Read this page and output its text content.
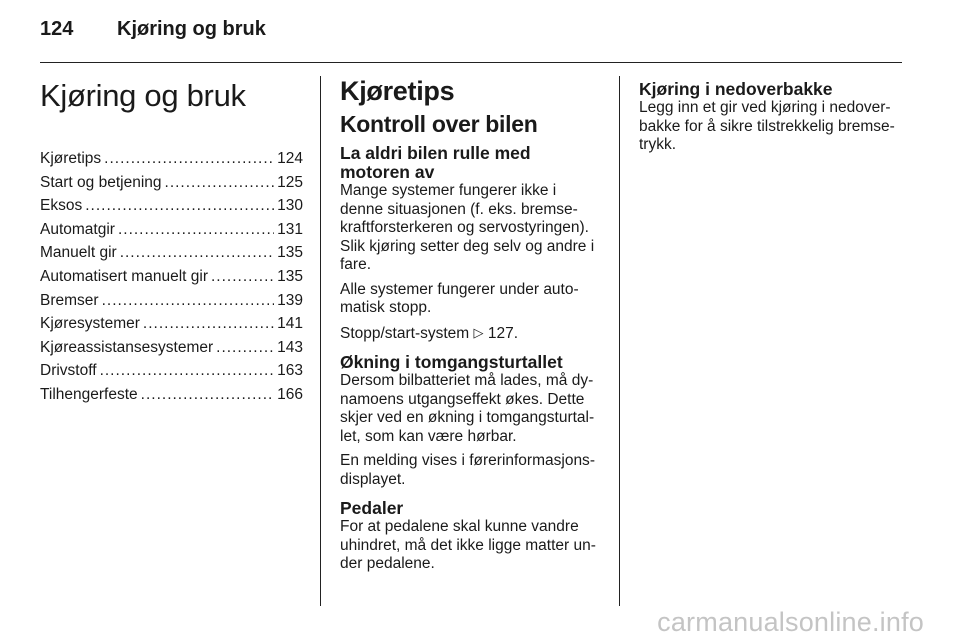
124 Kjøring og bruk
Kjøring og bruk
Kjøretips .....	124
Start og betjening .....	125
Eksos .....	130
Automatgir .....	131
Manuelt gir .....	135
Automatisert manuelt gir .....	135
Bremser .....	139
Kjøresystemer .....	141
Kjøreassistansesystemer .....	143
Drivstoff .....	163
Tilhengerfeste .....	166
Kjøretips
Kontroll over bilen
La aldri bilen rulle med motoren av

Mange systemer fungerer ikke i denne situasjonen (f. eks. bremsekraftforsterkeren og servostyringen). Slik kjøring setter deg selv og andre i fare.

Alle systemer fungerer under automatisk stopp.

Stopp/start-system ▷ 127.

Økning i tomgangsturtallet

Dersom bilbatteriet må lades, må dynamoens utgangseffekt økes. Dette skjer ved en økning i tomgangsturtallet, som kan være hørbar.

En melding vises i førerinformasjonsdisplayet.

Pedaler

For at pedalene skal kunne vandre uhindret, må det ikke ligge matter under pedalene.

Kjøring i nedoverbakke

Legg inn et gir ved kjøring i nedoverbakke for å sikre tilstrekkelig bremsetrykk.

carmanualsonline.info
